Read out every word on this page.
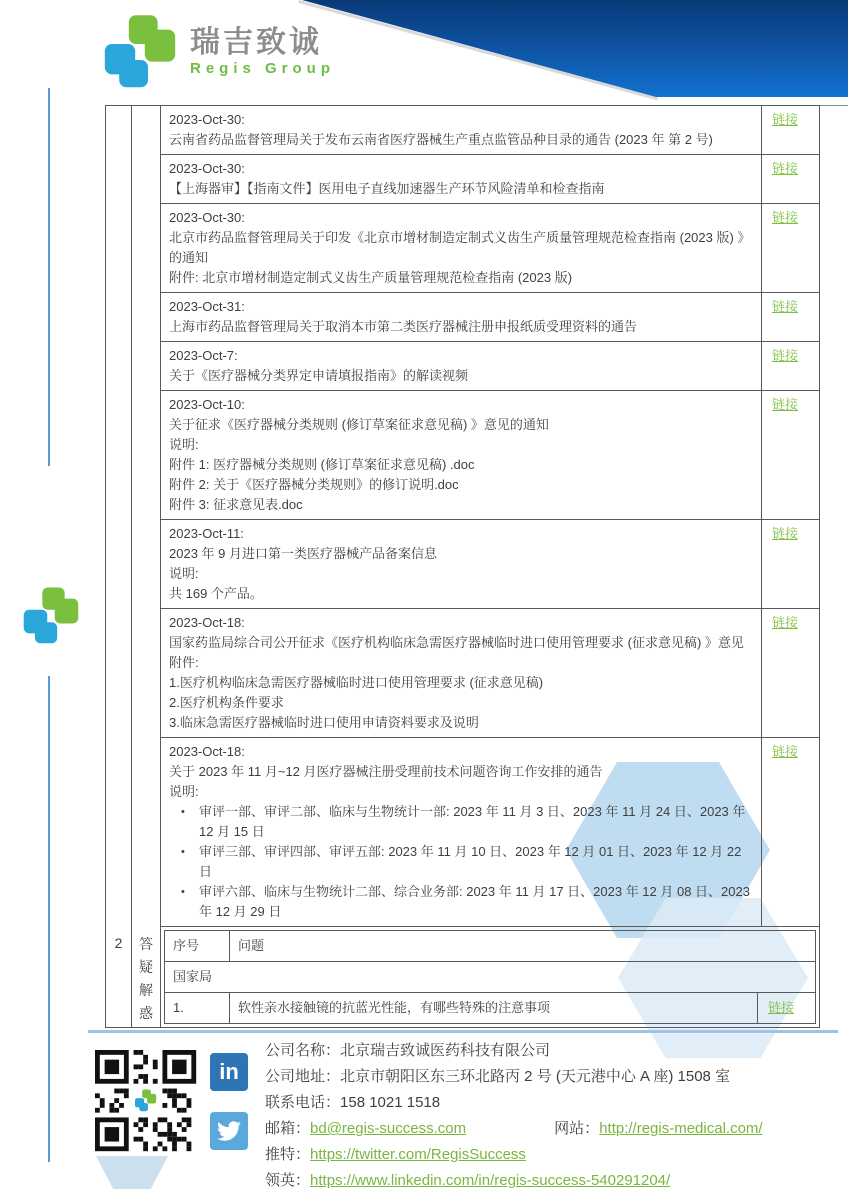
瑞吉致诚
Regis Group
2023-Oct-30:
云南省药品监督管理局关于发布云南省医疗器械生产重点监管品种目录的通告 (2023 年 第 2 号)
链接
2023-Oct-30:
【上海器审】【指南文件】医用电子直线加速器生产环节风险清单和检查指南
链接
2023-Oct-30:
北京市药品监督管理局关于印发《北京市增材制造定制式义齿生产质量管理规范检查指南 (2023 版) 》的通知
附件: 北京市增材制造定制式义齿生产质量管理规范检查指南 (2023 版)
链接
2023-Oct-31:
上海市药品监督管理局关于取消本市第二类医疗器械注册申报纸质受理资料的通告
链接
2023-Oct-7:
关于《医疗器械分类界定申请填报指南》的解读视频
链接
2023-Oct-10:
关于征求《医疗器械分类规则 (修订草案征求意见稿) 》意见的通知
说明:
附件 1: 医疗器械分类规则 (修订草案征求意见稿) .doc
附件 2: 关于《医疗器械分类规则》的修订说明.doc
附件 3: 征求意见表.doc
链接
2023-Oct-11:
2023 年 9 月进口第一类医疗器械产品备案信息
说明:
共 169 个产品。
链接
2023-Oct-18:
国家药监局综合司公开征求《医疗机构临床急需医疗器械临时进口使用管理要求 (征求意见稿) 》意见
附件:
1.医疗机构临床急需医疗器械临时进口使用管理要求 (征求意见稿)
2.医疗机构条件要求
3.临床急需医疗器械临时进口使用申请资料要求及说明
链接
2023-Oct-18:
关于 2023 年 11 月~12 月医疗器械注册受理前技术问题咨询工作安排的通告
说明:
• 审评一部、审评二部、临床与生物统计一部: 2023 年 11 月 3 日、2023 年 11 月 24 日、2023 年 12 月 15 日
• 审评三部、审评四部、审评五部: 2023 年 11 月 10 日、2023 年 12 月 01 日、2023 年 12 月 22 日
• 审评六部、临床与生物统计二部、综合业务部: 2023 年 11 月 17 日、2023 年 12 月 08 日、2023 年 12 月 29 日
链接
2	答
疑
解
惑
序号	问题
国家局
1.	软性亲水接触镜的抗蓝光性能，有哪些特殊的注意事项	链接
in
公司名称：北京瑞吉致诚医药科技有限公司
公司地址：北京市朝阳区东三环北路丙 2 号 (天元港中心 A 座) 1508 室
联系电话：158 1021 1518
邮箱：bd@regis-success.com	网站：http://regis-medical.com/
推特：https://twitter.com/RegisSuccess
领英：https://www.linkedin.com/in/regis-success-540291204/
